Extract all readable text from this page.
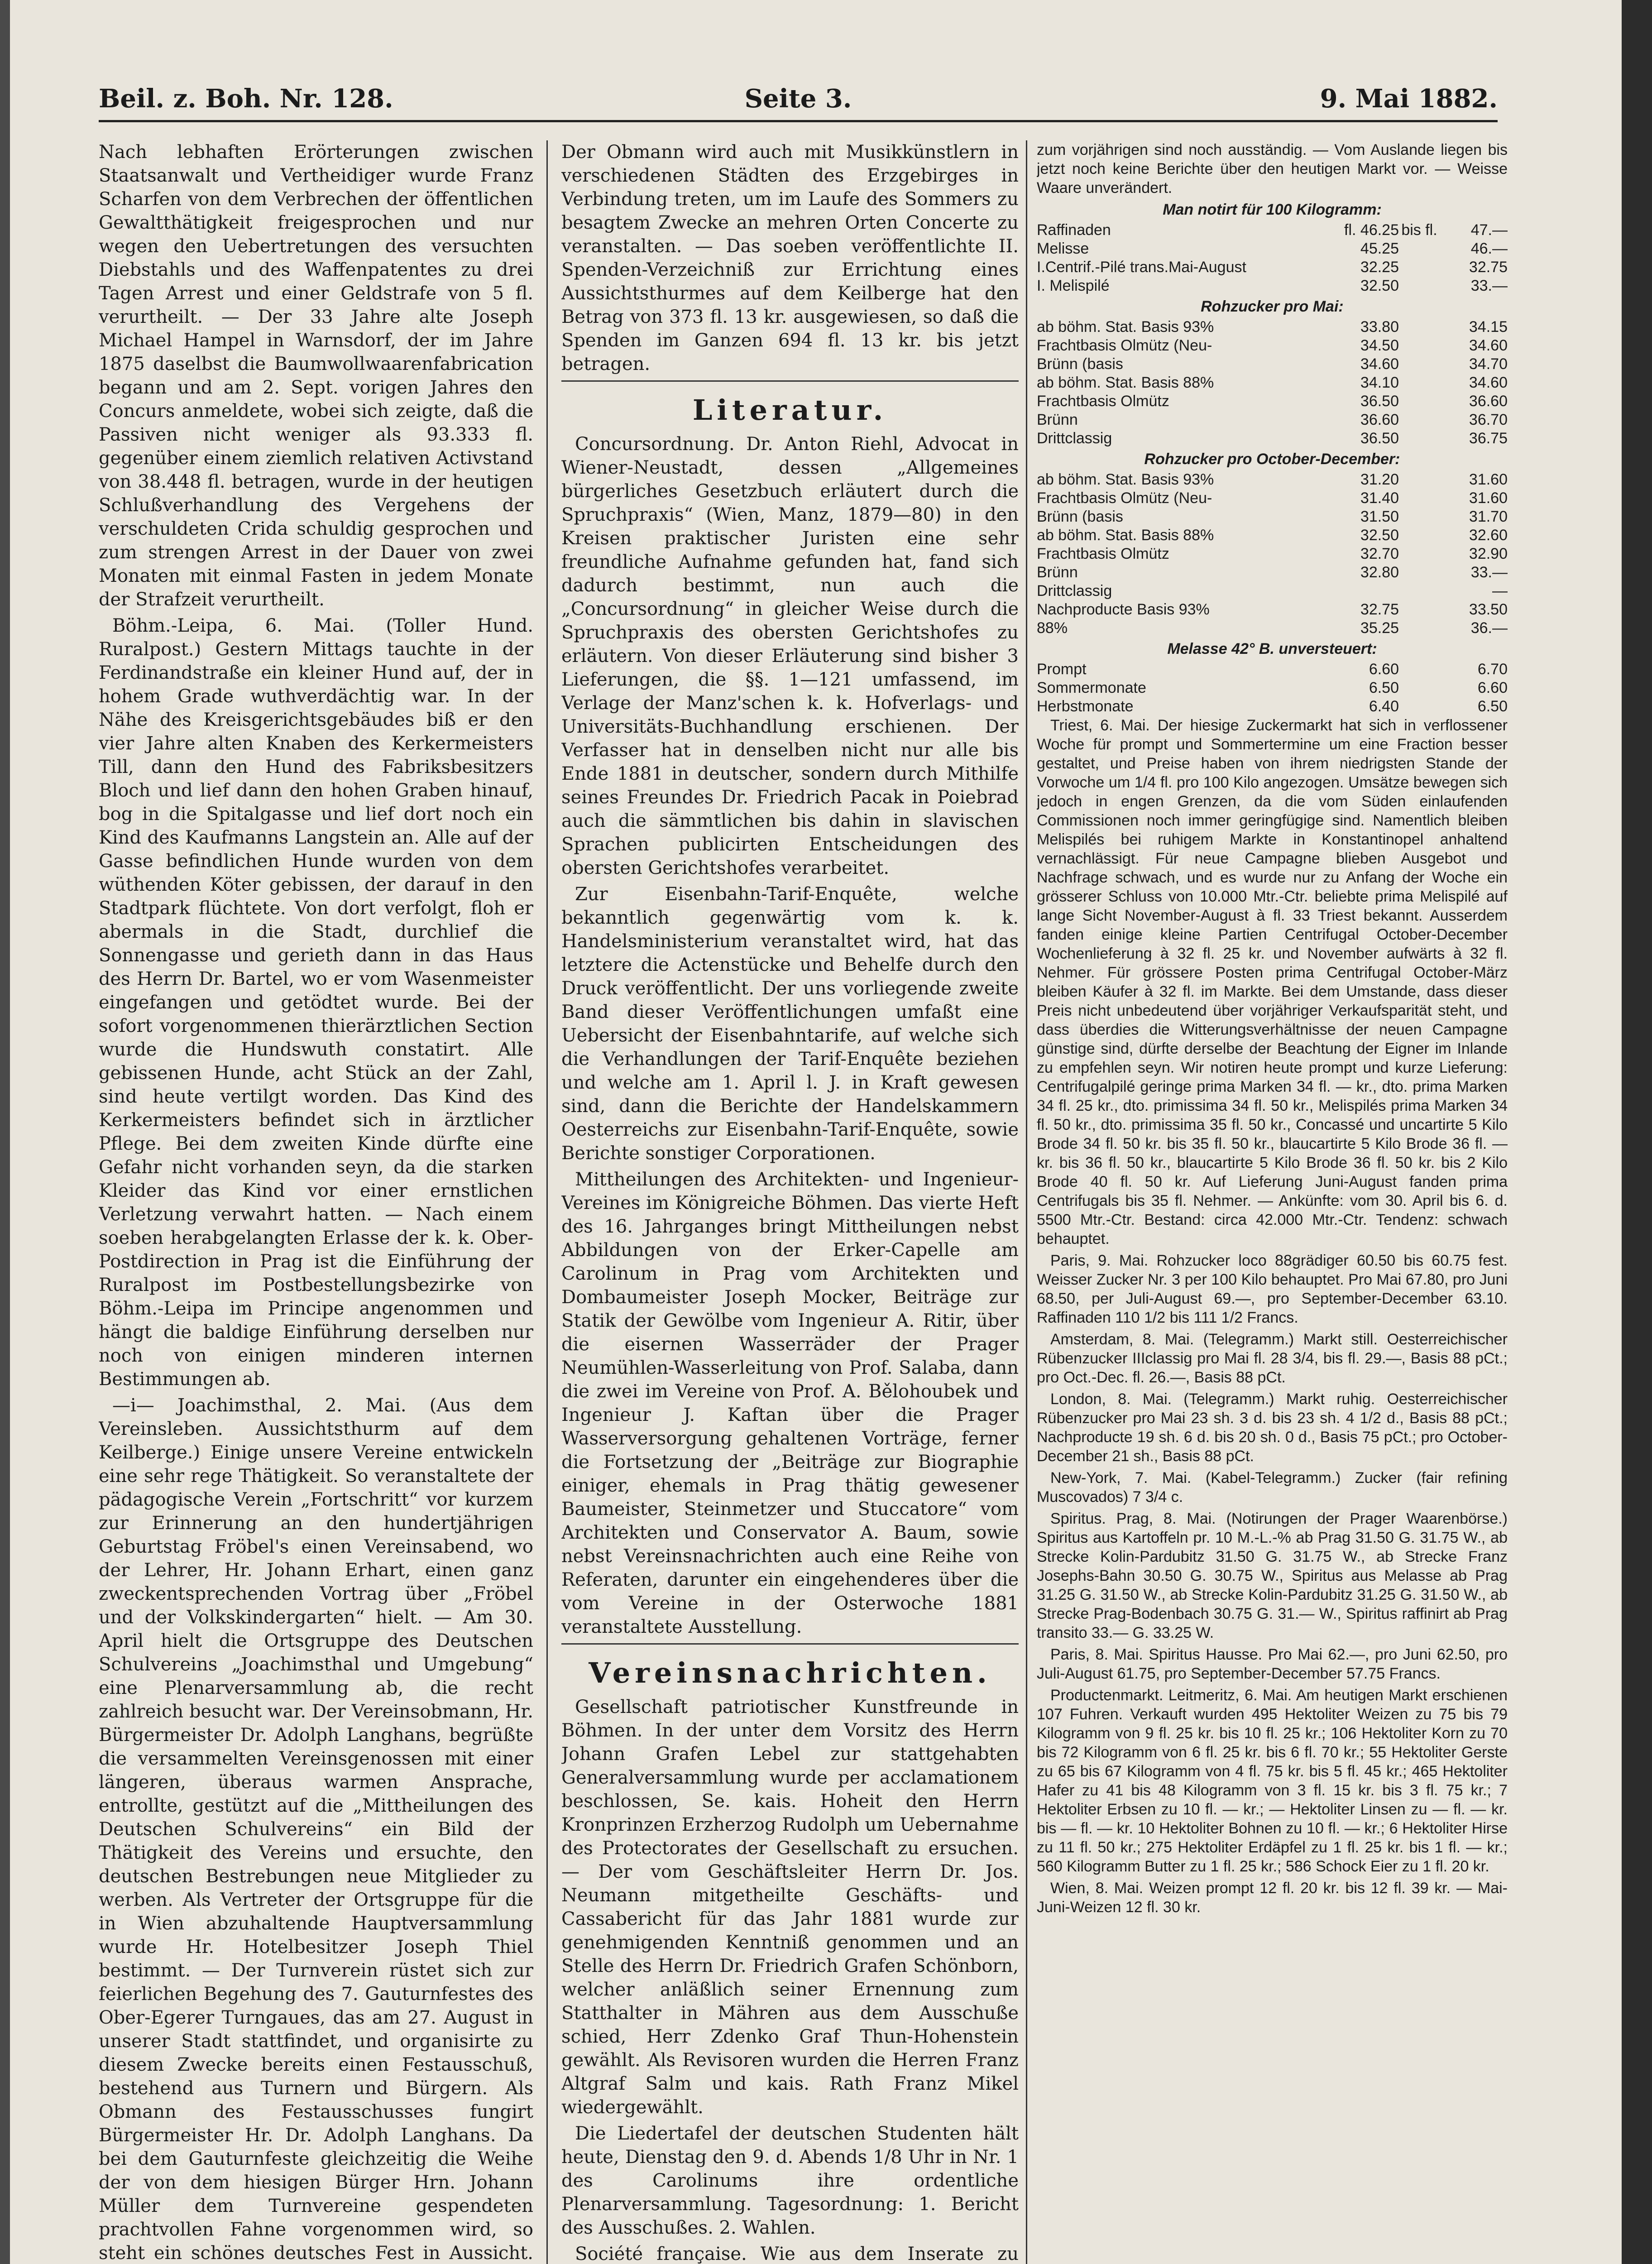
Beil. z. Boh. Nr. 128.	Seite 3.	9. Mai 1882.

Nach lebhaften Erörterungen zwischen Staatsanwalt und Vertheidiger wurde Franz Scharfen von dem Verbrechen der öffentlichen Gewaltthätigkeit freigesprochen und nur wegen den Uebertretungen des versuchten Diebstahls und des Waffenpatentes zu drei Tagen Arrest und einer Geldstrafe von 5 fl. verurtheilt. — Der 33 Jahre alte Joseph Michael Hampel in Warnsdorf, der im Jahre 1875 daselbst die Baumwollwaarenfabrication begann und am 2. Sept. vorigen Jahres den Concurs anmeldete, wobei sich zeigte, daß die Passiven nicht weniger als 93.333 fl. gegenüber einem ziemlich relativen Activstand von 38.448 fl. betragen, wurde in der heutigen Schlußverhandlung des Vergehens der verschuldeten Crida schuldig gesprochen und zum strengen Arrest in der Dauer von zwei Monaten mit einmal Fasten in jedem Monate der Strafzeit verurtheilt.

Böhm.-Leipa, 6. Mai. (Toller Hund. Ruralpost.) Gestern Mittags tauchte in der Ferdinandstraße ein kleiner Hund auf, der in hohem Grade wuthverdächtig war. In der Nähe des Kreisgerichtsgebäudes biß er den vier Jahre alten Knaben des Kerkermeisters Till, dann den Hund des Fabriksbesitzers Bloch und lief dann den hohen Graben hinauf, bog in die Spitalgasse und lief dort noch ein Kind des Kaufmanns Langstein an. Alle auf der Gasse befindlichen Hunde wurden von dem wüthenden Köter gebissen, der darauf in den Stadtpark flüchtete. Von dort verfolgt, floh er abermals in die Stadt, durchlief die Sonnengasse und gerieth dann in das Haus des Herrn Dr. Bartel, wo er vom Wasenmeister eingefangen und getödtet wurde. Bei der sofort vorgenommenen thierärztlichen Section wurde die Hundswuth constatirt. Alle gebissenen Hunde, acht Stück an der Zahl, sind heute vertilgt worden. Das Kind des Kerkermeisters befindet sich in ärztlicher Pflege. Bei dem zweiten Kinde dürfte eine Gefahr nicht vorhanden seyn, da die starken Kleider das Kind vor einer ernstlichen Verletzung verwahrt hatten. — Nach einem soeben herabgelangten Erlasse der k. k. Ober-Postdirection in Prag ist die Einführung der Ruralpost im Postbestellungsbezirke von Böhm.-Leipa im Principe angenommen und hängt die baldige Einführung derselben nur noch von einigen minderen internen Bestimmungen ab.

—i— Joachimsthal, 2. Mai. (Aus dem Vereinsleben. Aussichtsthurm auf dem Keilberge.) Einige unsere Vereine entwickeln eine sehr rege Thätigkeit. So veranstaltete der pädagogische Verein „Fortschritt“ vor kurzem zur Erinnerung an den hundertjährigen Geburtstag Fröbel's einen Vereinsabend, wo der Lehrer, Hr. Johann Erhart, einen ganz zweckentsprechenden Vortrag über „Fröbel und der Volkskindergarten“ hielt. — Am 30. April hielt die Ortsgruppe des Deutschen Schulvereins „Joachimsthal und Umgebung“ eine Plenarversammlung ab, die recht zahlreich besucht war. Der Vereinsobmann, Hr. Bürgermeister Dr. Adolph Langhans, begrüßte die versammelten Vereinsgenossen mit einer längeren, überaus warmen Ansprache, entrollte, gestützt auf die „Mittheilungen des Deutschen Schulvereins“ ein Bild der Thätigkeit des Vereins und ersuchte, den deutschen Bestrebungen neue Mitglieder zu werben. Als Vertreter der Ortsgruppe für die in Wien abzuhaltende Hauptversammlung wurde Hr. Hotelbesitzer Joseph Thiel bestimmt. — Der Turnverein rüstet sich zur feierlichen Begehung des 7. Gauturnfestes des Ober-Egerer Turngaues, das am 27. August in unserer Stadt stattfindet, und organisirte zu diesem Zwecke bereits einen Festausschuß, bestehend aus Turnern und Bürgern. Als Obmann des Festausschusses fungirt Bürgermeister Hr. Dr. Adolph Langhans. Da bei dem Gauturnfeste gleichzeitig die Weihe der von dem hiesigen Bürger Hrn. Johann Müller dem Turnvereine gespendeten prachtvollen Fahne vorgenommen wird, so steht ein schönes deutsches Fest in Aussicht.

Der Obmann wird auch mit Musikkünstlern in verschiedenen Städten des Erzgebirges in Verbindung treten, um im Laufe des Sommers zu besagtem Zwecke an mehren Orten Concerte zu veranstalten. — Das soeben veröffentlichte II. Spenden-Verzeichniß zur Errichtung eines Aussichtsthurmes auf dem Keilberge hat den Betrag von 373 fl. 13 kr. ausgewiesen, so daß die Spenden im Ganzen 694 fl. 13 kr. bis jetzt betragen.

Literatur.

Concursordnung. Dr. Anton Riehl, Advocat in Wiener-Neustadt, dessen „Allgemeines bürgerliches Gesetzbuch erläutert durch die Spruchpraxis“ (Wien, Manz, 1879—80) in den Kreisen praktischer Juristen eine sehr freundliche Aufnahme gefunden hat, fand sich dadurch bestimmt, nun auch die „Concursordnung“ in gleicher Weise durch die Spruchpraxis des obersten Gerichtshofes zu erläutern. Von dieser Erläuterung sind bisher 3 Lieferungen, die §§. 1—121 umfassend, im Verlage der Manz'schen k. k. Hofverlags- und Universitäts-Buchhandlung erschienen. Der Verfasser hat in denselben nicht nur alle bis Ende 1881 in deutscher, sondern durch Mithilfe seines Freundes Dr. Friedrich Pacak in Poiebrad auch die sämmtlichen bis dahin in slavischen Sprachen publicirten Entscheidungen des obersten Gerichtshofes verarbeitet.

Zur Eisenbahn-Tarif-Enquête, welche bekanntlich gegenwärtig vom k. k. Handelsministerium veranstaltet wird, hat das letztere die Actenstücke und Behelfe durch den Druck veröffentlicht. Der uns vorliegende zweite Band dieser Veröffentlichungen umfaßt eine Uebersicht der Eisenbahntarife, auf welche sich die Verhandlungen der Tarif-Enquête beziehen und welche am 1. April l. J. in Kraft gewesen sind, dann die Berichte der Handelskammern Oesterreichs zur Eisenbahn-Tarif-Enquête, sowie Berichte sonstiger Corporationen.

Mittheilungen des Architekten- und Ingenieur-Vereines im Königreiche Böhmen. Das vierte Heft des 16. Jahrganges bringt Mittheilungen nebst Abbildungen von der Erker-Capelle am Carolinum in Prag vom Architekten und Dombaumeister Joseph Mocker, Beiträge zur Statik der Gewölbe vom Ingenieur A. Ritir, über die eisernen Wasserräder der Prager Neumühlen-Wasserleitung von Prof. Salaba, dann die zwei im Vereine von Prof. A. Bělohoubek und Ingenieur J. Kaftan über die Prager Wasserversorgung gehaltenen Vorträge, ferner die Fortsetzung der „Beiträge zur Biographie einiger, ehemals in Prag thätig gewesener Baumeister, Steinmetzer und Stuccatore“ vom Architekten und Conservator A. Baum, sowie nebst Vereinsnachrichten auch eine Reihe von Referaten, darunter ein eingehenderes über die vom Vereine in der Osterwoche 1881 veranstaltete Ausstellung.

Vereinsnachrichten.

Gesellschaft patriotischer Kunstfreunde in Böhmen. In der unter dem Vorsitz des Herrn Johann Grafen Lebel zur stattgehabten Generalversammlung wurde per acclamationem beschlossen, Se. kais. Hoheit den Herrn Kronprinzen Erzherzog Rudolph um Uebernahme des Protectorates der Gesellschaft zu ersuchen. — Der vom Geschäftsleiter Herrn Dr. Jos. Neumann mitgetheilte Geschäfts- und Cassabericht für das Jahr 1881 wurde zur genehmigenden Kenntniß genommen und an Stelle des Herrn Dr. Friedrich Grafen Schönborn, welcher anläßlich seiner Ernennung zum Statthalter in Mähren aus dem Ausschuße schied, Herr Zdenko Graf Thun-Hohenstein gewählt. Als Revisoren wurden die Herren Franz Altgraf Salm und kais. Rath Franz Mikel wiedergewählt.

Die Liedertafel der deutschen Studenten hält heute, Dienstag den 9. d. Abends 1/8 Uhr in Nr. 1 des Carolinums ihre ordentliche Plenarversammlung. Tagesordnung: 1. Bericht des Ausschußes. 2. Wahlen.

Société française. Wie aus dem Inserate zu

zum vorjährigen sind noch ausständig. — Vom Auslande liegen bis jetzt noch keine Berichte über den heutigen Markt vor. — Weisse Waare unverändert.

Man notirt für 100 Kilogramm:
Raffinaden	fl. 46.25	bis fl.	47.—
Melisse	45.25		46.—
I.Centrif.-Pilé trans.Mai-August	32.25		32.75
I. Melispilé	32.50		33.—
Rohzucker pro Mai:
ab böhm. Stat. Basis 93%	33.80		34.15
Frachtbasis Olmütz (Neu-	34.50		34.60
Brünn (basis	34.60		34.70
ab böhm. Stat. Basis 88%	34.10		34.60
Frachtbasis Olmütz	36.50		36.60
Brünn	36.60		36.70
Drittclassig	36.50		36.75
Rohzucker pro October-December:
ab böhm. Stat. Basis 93%	31.20		31.60
Frachtbasis Olmütz (Neu-	31.40		31.60
Brünn (basis	31.50		31.70
ab böhm. Stat. Basis 88%	32.50		32.60
Frachtbasis Olmütz	32.70		32.90
Brünn	32.80		33.—
Drittclassig			—
Nachproducte Basis 93%	32.75		33.50
88%	35.25		36.—
Melasse 42° B. unversteuert:
Prompt	6.60		6.70
Sommermonate	6.50		6.60
Herbstmonate	6.40		6.50

Triest, 6. Mai. Der hiesige Zuckermarkt hat sich in verflossener Woche für prompt und Sommertermine um eine Fraction besser gestaltet, und Preise haben von ihrem niedrigsten Stande der Vorwoche um 1/4 fl. pro 100 Kilo angezogen. Umsätze bewegen sich jedoch in engen Grenzen, da die vom Süden einlaufenden Commissionen noch immer geringfügige sind. Namentlich bleiben Melispilés bei ruhigem Markte in Konstantinopel anhaltend vernachlässigt. Für neue Campagne blieben Ausgebot und Nachfrage schwach, und es wurde nur zu Anfang der Woche ein grösserer Schluss von 10.000 Mtr.-Ctr. beliebte prima Melispilé auf lange Sicht November-August à fl. 33 Triest bekannt. Ausserdem fanden einige kleine Partien Centrifugal October-December Wochenlieferung à 32 fl. 25 kr. und November aufwärts à 32 fl. Nehmer. Für grössere Posten prima Centrifugal October-März bleiben Käufer à 32 fl. im Markte. Bei dem Umstande, dass dieser Preis nicht unbedeutend über vorjähriger Verkaufsparität steht, und dass überdies die Witterungsverhältnisse der neuen Campagne günstige sind, dürfte derselbe der Beachtung der Eigner im Inlande zu empfehlen seyn. Wir notiren heute prompt und kurze Lieferung: Centrifugalpilé geringe prima Marken 34 fl. — kr., dto. prima Marken 34 fl. 25 kr., dto. primissima 34 fl. 50 kr., Melispilés prima Marken 34 fl. 50 kr., dto. primissima 35 fl. 50 kr., Concassé und uncartirte 5 Kilo Brode 34 fl. 50 kr. bis 35 fl. 50 kr., blaucartirte 5 Kilo Brode 36 fl. — kr. bis 36 fl. 50 kr., blaucartirte 5 Kilo Brode 36 fl. 50 kr. bis 2 Kilo Brode 40 fl. 50 kr. Auf Lieferung Juni-August fanden prima Centrifugals bis 35 fl. Nehmer. — Ankünfte: vom 30. April bis 6. d. 5500 Mtr.-Ctr. Bestand: circa 42.000 Mtr.-Ctr. Tendenz: schwach behauptet.

Paris, 9. Mai. Rohzucker loco 88grädiger 60.50 bis 60.75 fest. Weisser Zucker Nr. 3 per 100 Kilo behauptet. Pro Mai 67.80, pro Juni 68.50, per Juli-August 69.—, pro September-December 63.10. Raffinaden 110 1/2 bis 111 1/2 Francs.

Amsterdam, 8. Mai. (Telegramm.) Markt still. Oesterreichischer Rübenzucker IIIclassig pro Mai fl. 28 3/4, bis fl. 29.—, Basis 88 pCt.; pro Oct.-Dec. fl. 26.—, Basis 88 pCt.

London, 8. Mai. (Telegramm.) Markt ruhig. Oesterreichischer Rübenzucker pro Mai 23 sh. 3 d. bis 23 sh. 4 1/2 d., Basis 88 pCt.; Nachproducte 19 sh. 6 d. bis 20 sh. 0 d., Basis 75 pCt.; pro October-December 21 sh., Basis 88 pCt.

New-York, 7. Mai. (Kabel-Telegramm.) Zucker (fair refining Muscovados) 7 3/4 c.

Spiritus. Prag, 8. Mai. (Notirungen der Prager Waarenbörse.) Spiritus aus Kartoffeln pr. 10 M.-L.-% ab Prag 31.50 G. 31.75 W., ab Strecke Kolin-Pardubitz 31.50 G. 31.75 W., ab Strecke Franz Josephs-Bahn 30.50 G. 30.75 W., Spiritus aus Melasse ab Prag 31.25 G. 31.50 W., ab Strecke Kolin-Pardubitz 31.25 G. 31.50 W., ab Strecke Prag-Bodenbach 30.75 G. 31.— W., Spiritus raffinirt ab Prag transito 33.— G. 33.25 W.

Paris, 8. Mai. Spiritus Hausse. Pro Mai 62.—, pro Juni 62.50, pro Juli-August 61.75, pro September-December 57.75 Francs.

Productenmarkt. Leitmeritz, 6. Mai. Am heutigen Markt erschienen 107 Fuhren. Verkauft wurden 495 Hektoliter Weizen zu 75 bis 79 Kilogramm von 9 fl. 25 kr. bis 10 fl. 25 kr.; 106 Hektoliter Korn zu 70 bis 72 Kilogramm von 6 fl. 25 kr. bis 6 fl. 70 kr.; 55 Hektoliter Gerste zu 65 bis 67 Kilogramm von 4 fl. 75 kr. bis 5 fl. 45 kr.; 465 Hektoliter Hafer zu 41 bis 48 Kilogramm von 3 fl. 15 kr. bis 3 fl. 75 kr.; 7 Hektoliter Erbsen zu 10 fl. — kr.; — Hektoliter Linsen zu — fl. — kr. bis — fl. — kr. 10 Hektoliter Bohnen zu 10 fl. — kr.; 6 Hektoliter Hirse zu 11 fl. 50 kr.; 275 Hektoliter Erdäpfel zu 1 fl. 25 kr. bis 1 fl. — kr.; 560 Kilogramm Butter zu 1 fl. 25 kr.; 586 Schock Eier zu 1 fl. 20 kr.

Wien, 8. Mai. Weizen prompt 12 fl. 20 kr. bis 12 fl. 39 kr. — Mai-Juni-Weizen 12 fl. 30 kr.
